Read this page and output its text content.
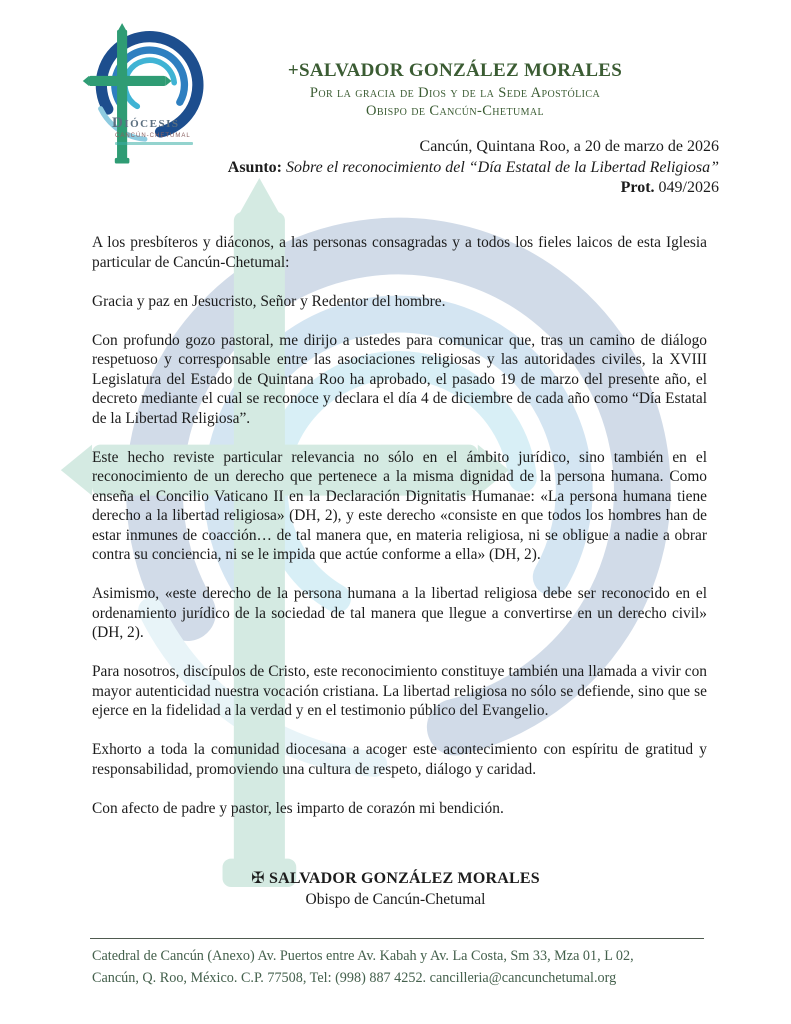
Diócesis
CANCÚN-CHETUMAL
+SALVADOR GONZÁLEZ MORALES
Por la gracia de Dios y de la Sede Apostólica
Obispo de Cancún-Chetumal
Cancún, Quintana Roo, a 20 de marzo de 2026
Asunto: Sobre el reconocimiento del “Día Estatal de la Libertad Religiosa”
Prot. 049/2026

A los presbíteros y diáconos, a las personas consagradas y a todos los fieles laicos de esta Iglesia particular de Cancún-Chetumal:

Gracia y paz en Jesucristo, Señor y Redentor del hombre.

Con profundo gozo pastoral, me dirijo a ustedes para comunicar que, tras un camino de diálogo respetuoso y corresponsable entre las asociaciones religiosas y las autoridades civiles, la XVIII Legislatura del Estado de Quintana Roo ha aprobado, el pasado 19 de marzo del presente año, el decreto mediante el cual se reconoce y declara el día 4 de diciembre de cada año como “Día Estatal de la Libertad Religiosa”.

Este hecho reviste particular relevancia no sólo en el ámbito jurídico, sino también en el reconocimiento de un derecho que pertenece a la misma dignidad de la persona humana. Como enseña el Concilio Vaticano II en la Declaración Dignitatis Humanae: «La persona humana tiene derecho a la libertad religiosa» (DH, 2), y este derecho «consiste en que todos los hombres han de estar inmunes de coacción… de tal manera que, en materia religiosa, ni se obligue a nadie a obrar contra su conciencia, ni se le impida que actúe conforme a ella» (DH, 2).

Asimismo, «este derecho de la persona humana a la libertad religiosa debe ser reconocido en el ordenamiento jurídico de la sociedad de tal manera que llegue a convertirse en un derecho civil» (DH, 2).

Para nosotros, discípulos de Cristo, este reconocimiento constituye también una llamada a vivir con mayor autenticidad nuestra vocación cristiana. La libertad religiosa no sólo se defiende, sino que se ejerce en la fidelidad a la verdad y en el testimonio público del Evangelio.

Exhorto a toda la comunidad diocesana a acoger este acontecimiento con espíritu de gratitud y responsabilidad, promoviendo una cultura de respeto, diálogo y caridad.

Con afecto de padre y pastor, les imparto de corazón mi bendición.

✠ SALVADOR GONZÁLEZ MORALES
Obispo de Cancún-Chetumal
Catedral de Cancún (Anexo) Av. Puertos entre Av. Kabah y Av. La Costa, Sm 33, Mza 01, L 02,
Cancún, Q. Roo, México. C.P. 77508, Tel: (998) 887 4252. cancilleria@cancunchetumal.org
